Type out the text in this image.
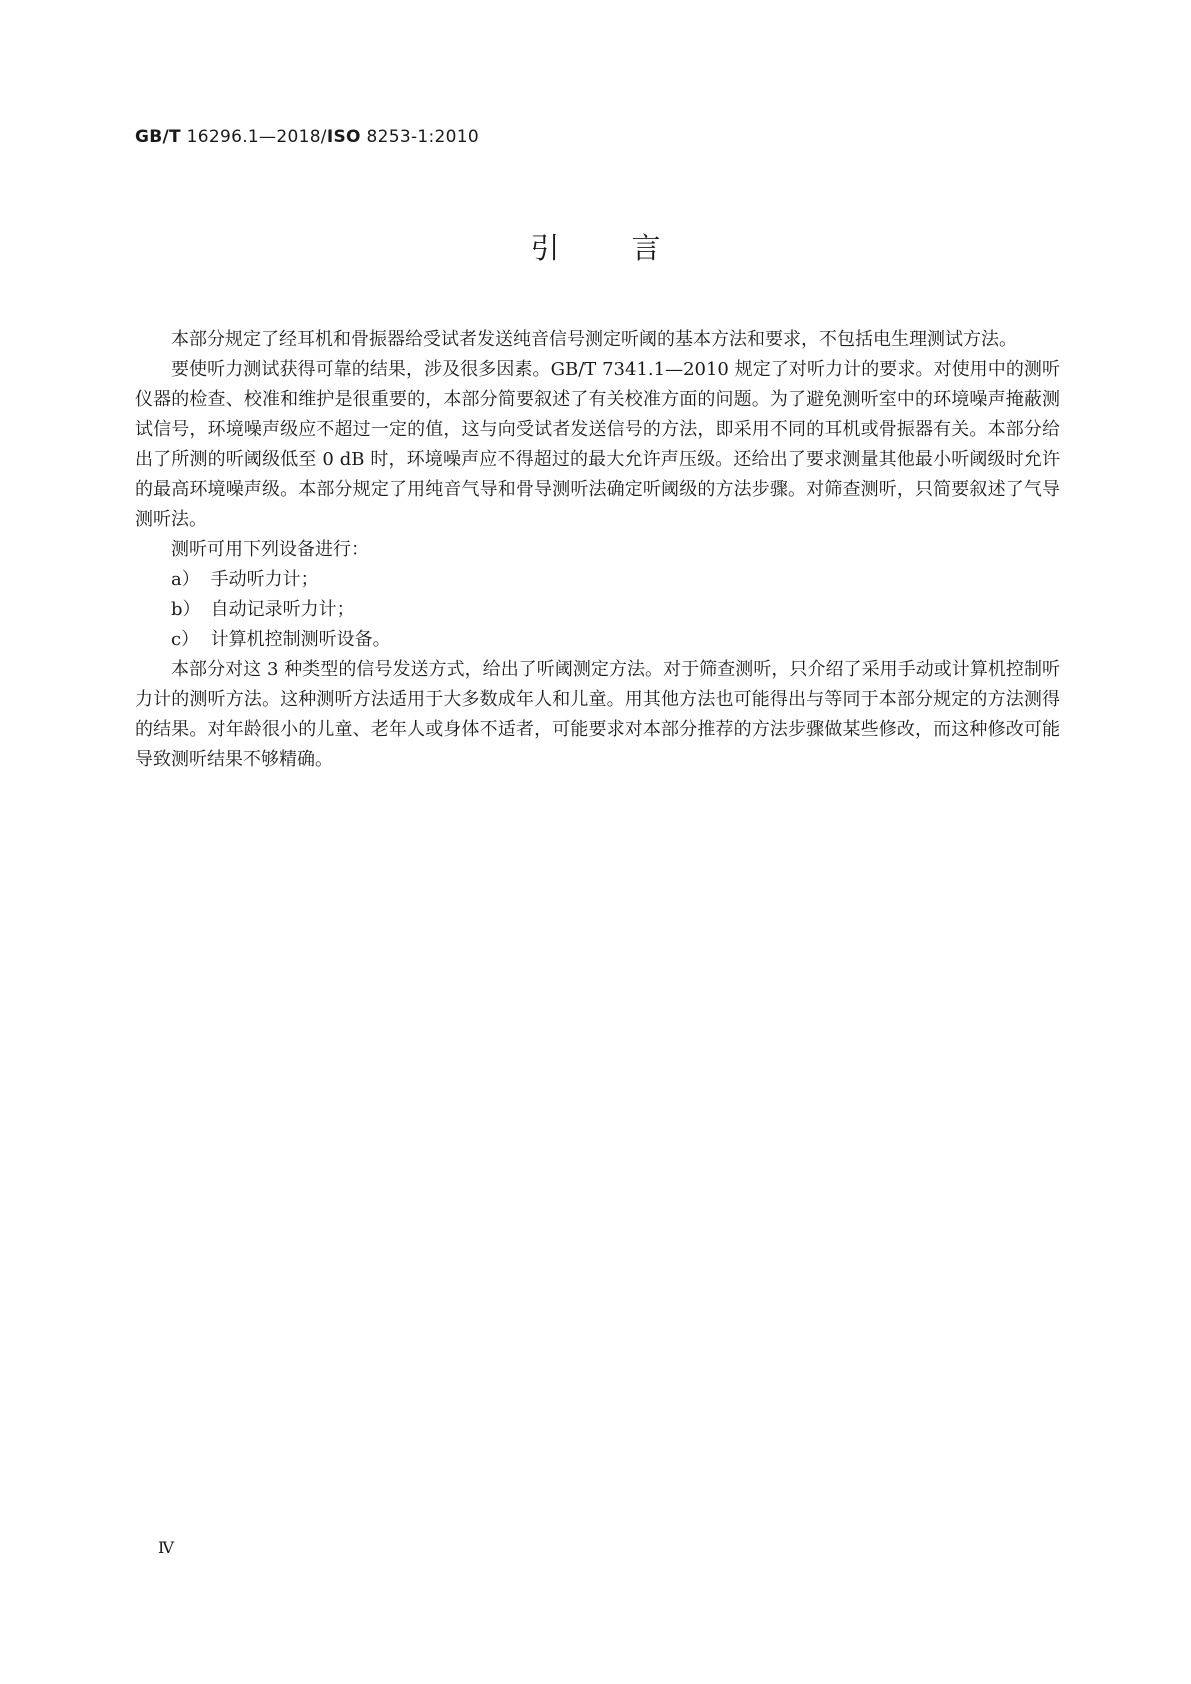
GB/T 16296.1—2018/ISO 8253-1:2010
引言

本部分规定了经耳机和骨振器给受试者发送纯音信号测定听阈的基本方法和要求，不包括电生理测试方法。

要使听力测试获得可靠的结果，涉及很多因素。GB/T 7341.1—2010 规定了对听力计的要求。对使用中的测听仪器的检查、校准和维护是很重要的，本部分简要叙述了有关校准方面的问题。为了避免测听室中的环境噪声掩蔽测试信号，环境噪声级应不超过一定的值，这与向受试者发送信号的方法，即采用不同的耳机或骨振器有关。本部分给出了所测的听阈级低至 0 dB 时，环境噪声应不得超过的最大允许声压级。还给出了要求测量其他最小听阈级时允许的最高环境噪声级。本部分规定了用纯音气导和骨导测听法确定听阈级的方法步骤。对筛查测听，只简要叙述了气导测听法。

测听可用下列设备进行：

a） 手动听力计；
b） 自动记录听力计；
c） 计算机控制测听设备。

本部分对这 3 种类型的信号发送方式，给出了听阈测定方法。对于筛查测听，只介绍了采用手动或计算机控制听力计的测听方法。这种测听方法适用于大多数成年人和儿童。用其他方法也可能得出与等同于本部分规定的方法测得的结果。对年龄很小的儿童、老年人或身体不适者，可能要求对本部分推荐的方法步骤做某些修改，而这种修改可能导致测听结果不够精确。

Ⅳ
